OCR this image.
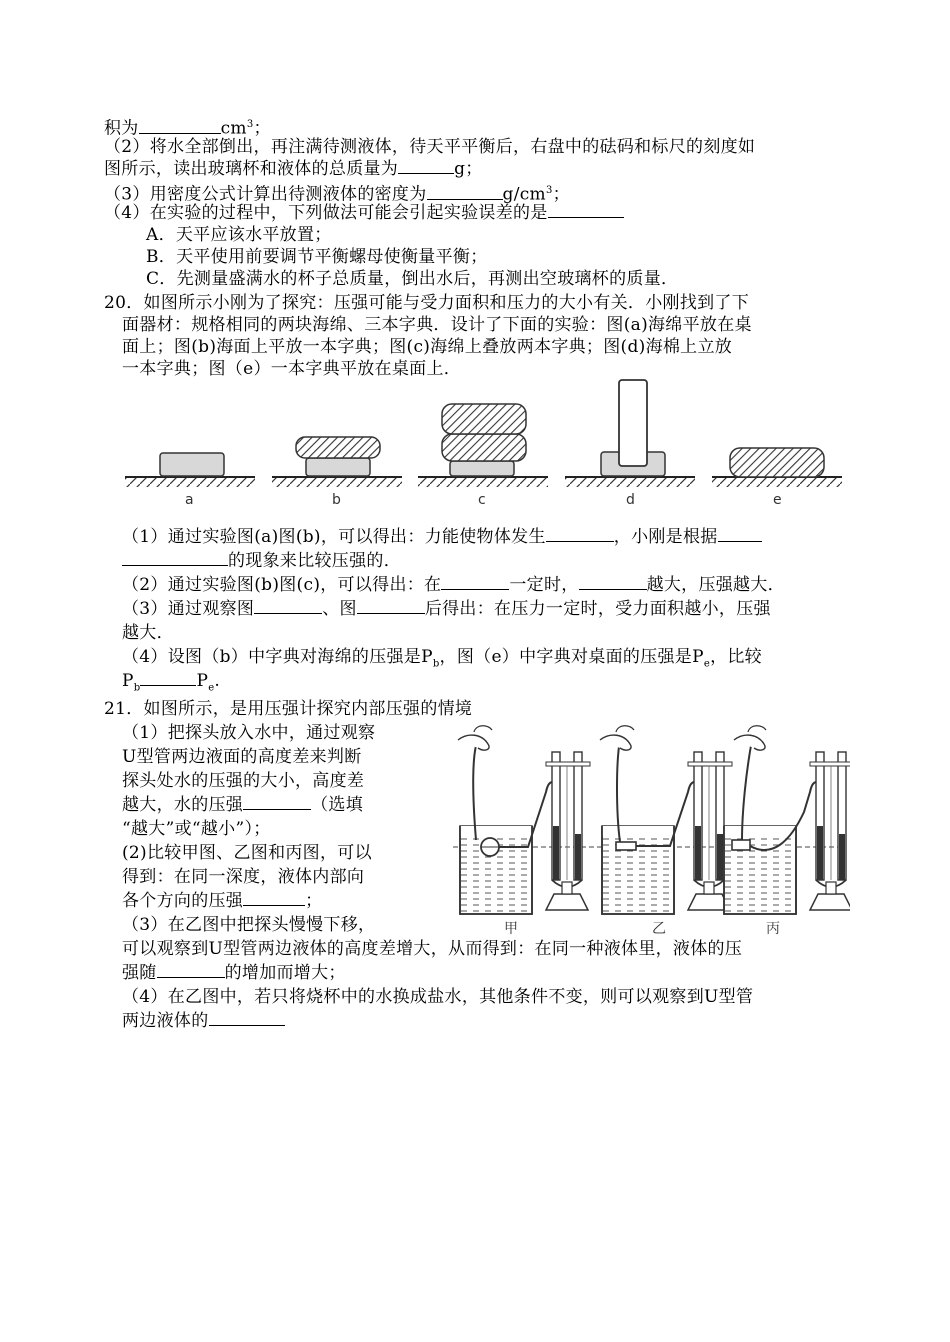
积为	$cm^3$；
（2）将水全部倒出，再注满待测液体，待天平平衡后，右盘中的砝码和标尺的刻度如
图所示，读出玻璃杯和液体的总质量为	g；
（3）用密度公式计算出待测液体的密度为	$g/cm^3$；
（4）在实验的过程中，下列做法可能会引起实验误差的是
A．天平应该水平放置；
B．天平使用前要调节平衡螺母使衡量平衡；
C．先测量盛满水的杯子总质量，倒出水后，再测出空玻璃杯的质量．
20．如图所示小刚为了探究：压强可能与受力面积和压力的大小有关．小刚找到了下
面器材：规格相同的两块海绵、三本字典．设计了下面的实验：图(a)海绵平放在桌
面上；图(b)海面上平放一本字典；图(c)海绵上叠放两本字典；图(d)海棉上立放
一本字典；图（e）一本字典平放在桌面上．
a	b	c	d	e
（1）通过实验图(a)图(b)，可以得出：力能使物体发生	，小刚是根据
的现象来比较压强的．
（2）通过实验图(b)图(c)，可以得出：在	一定时，	越大，压强越大．
（3）通过观察图	、图	后得出：在压力一定时，受力面积越小，压强
越大．
（4）设图（b）中字典对海绵的压强是$P_b$，图（e）中字典对桌面的压强是$P_e$，比较
$P_b$	$P_e$.
21．如图所示，是用压强计探究内部压强的情境
（1）把探头放入水中，通过观察
U型管两边液面的高度差来判断
探头处水的压强的大小，高度差
越大，水的压强	（选填
“越大”或“越小”）；
(2)比较甲图、乙图和丙图，可以
得到：在同一深度，液体内部向
各个方向的压强	；
（3）在乙图中把探头慢慢下移，
可以观察到U型管两边液体的高度差增大，从而得到：在同一种液体里，液体的压
强随	的增加而增大；
（4）在乙图中，若只将烧杯中的水换成盐水，其他条件不变，则可以观察到U型管
两边液体的
甲	乙	丙
